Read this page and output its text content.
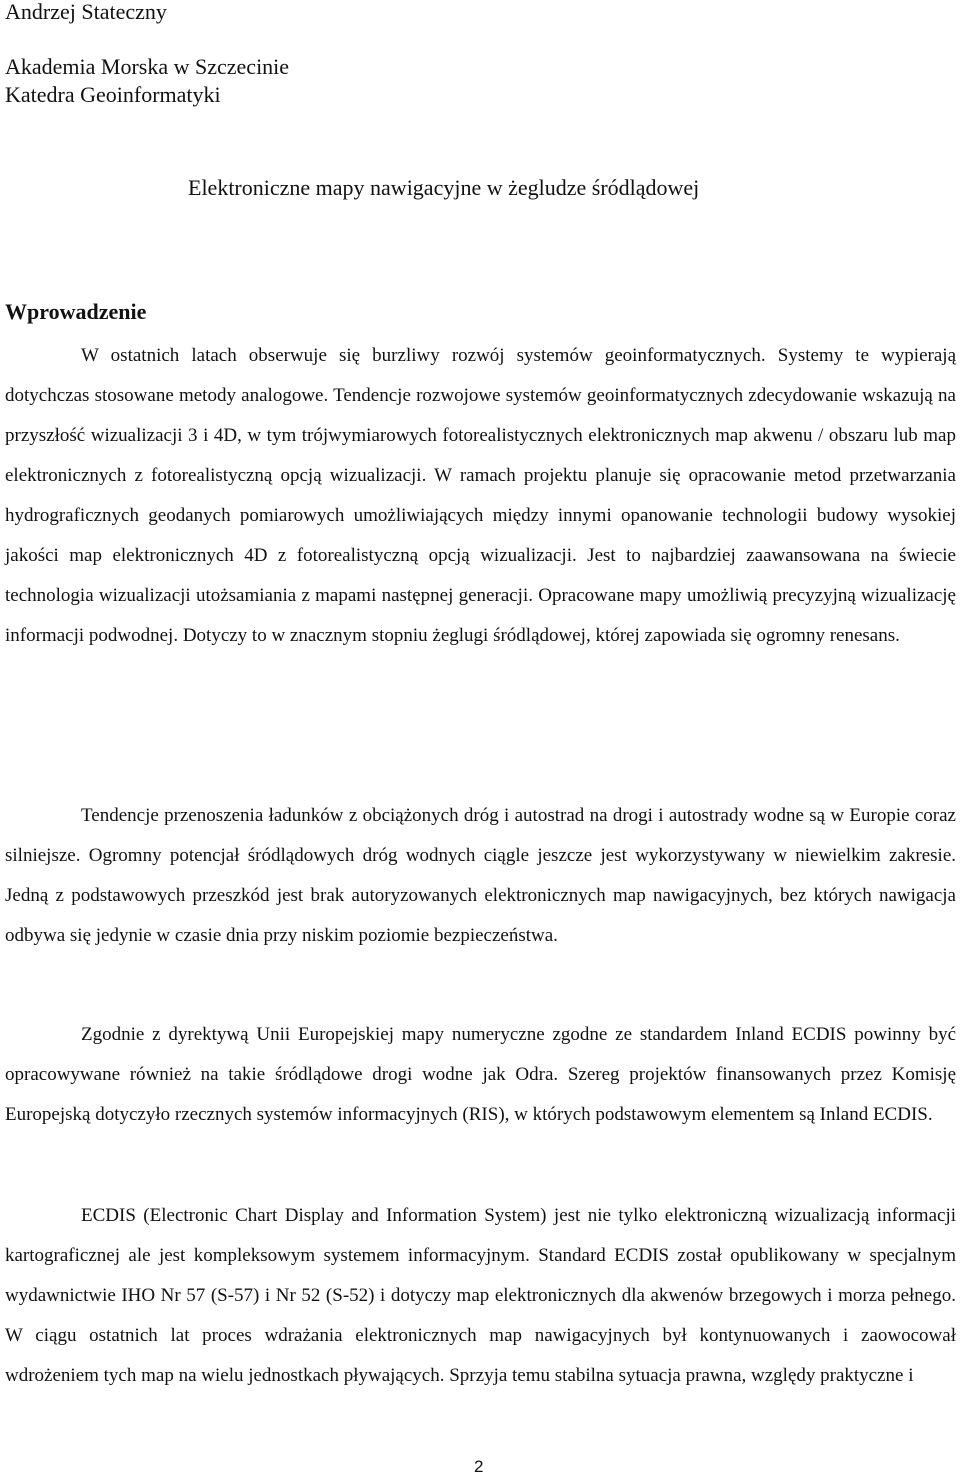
Andrzej Stateczny
Akademia Morska w Szczecinie
Katedra Geoinformatyki
Elektroniczne mapy nawigacyjne w żegludze śródlądowej
Wprowadzenie

W ostatnich latach obserwuje się burzliwy rozwój systemów geoinformatycznych. Systemy te wypierają dotychczas stosowane metody analogowe. Tendencje rozwojowe systemów geoinformatycznych zdecydowanie wskazują na przyszłość wizualizacji 3 i 4D, w tym trójwymiarowych fotorealistycznych elektronicznych map akwenu / obszaru lub map elektronicznych z fotorealistyczną opcją wizualizacji. W ramach projektu planuje się opracowanie metod przetwarzania hydrograficznych geodanych pomiarowych umożliwiających między innymi opanowanie technologii budowy wysokiej jakości map elektronicznych 4D z fotorealistyczną opcją wizualizacji. Jest to najbardziej zaawansowana na świecie technologia wizualizacji utożsamiania z mapami następnej generacji. Opracowane mapy umożliwią precyzyjną wizualizację informacji podwodnej. Dotyczy to w znacznym stopniu żeglugi śródlądowej, której zapowiada się ogromny renesans.

Tendencje przenoszenia ładunków z obciążonych dróg i autostrad na drogi i autostrady wodne są w Europie coraz silniejsze. Ogromny potencjał śródlądowych dróg wodnych ciągle jeszcze jest wykorzystywany w niewielkim zakresie. Jedną z podstawowych przeszkód jest brak autoryzowanych elektronicznych map nawigacyjnych, bez których nawigacja odbywa się jedynie w czasie dnia przy niskim poziomie bezpieczeństwa.

Zgodnie z dyrektywą Unii Europejskiej mapy numeryczne zgodne ze standardem Inland ECDIS powinny być opracowywane również na takie śródlądowe drogi wodne jak Odra. Szereg projektów finansowanych przez Komisję Europejską dotyczyło rzecznych systemów informacyjnych (RIS), w których podstawowym elementem są Inland ECDIS.

ECDIS (Electronic Chart Display and Information System) jest nie tylko elektroniczną wizualizacją informacji kartograficznej ale jest kompleksowym systemem informacyjnym. Standard ECDIS został opublikowany w specjalnym wydawnictwie IHO Nr 57 (S-57) i Nr 52 (S-52) i dotyczy map elektronicznych dla akwenów brzegowych i morza pełnego. W ciągu ostatnich lat proces wdrażania elektronicznych map nawigacyjnych był kontynuowanych i zaowocował wdrożeniem tych map na wielu jednostkach pływających. Sprzyja temu stabilna sytuacja prawna, względy praktyczne i

2
